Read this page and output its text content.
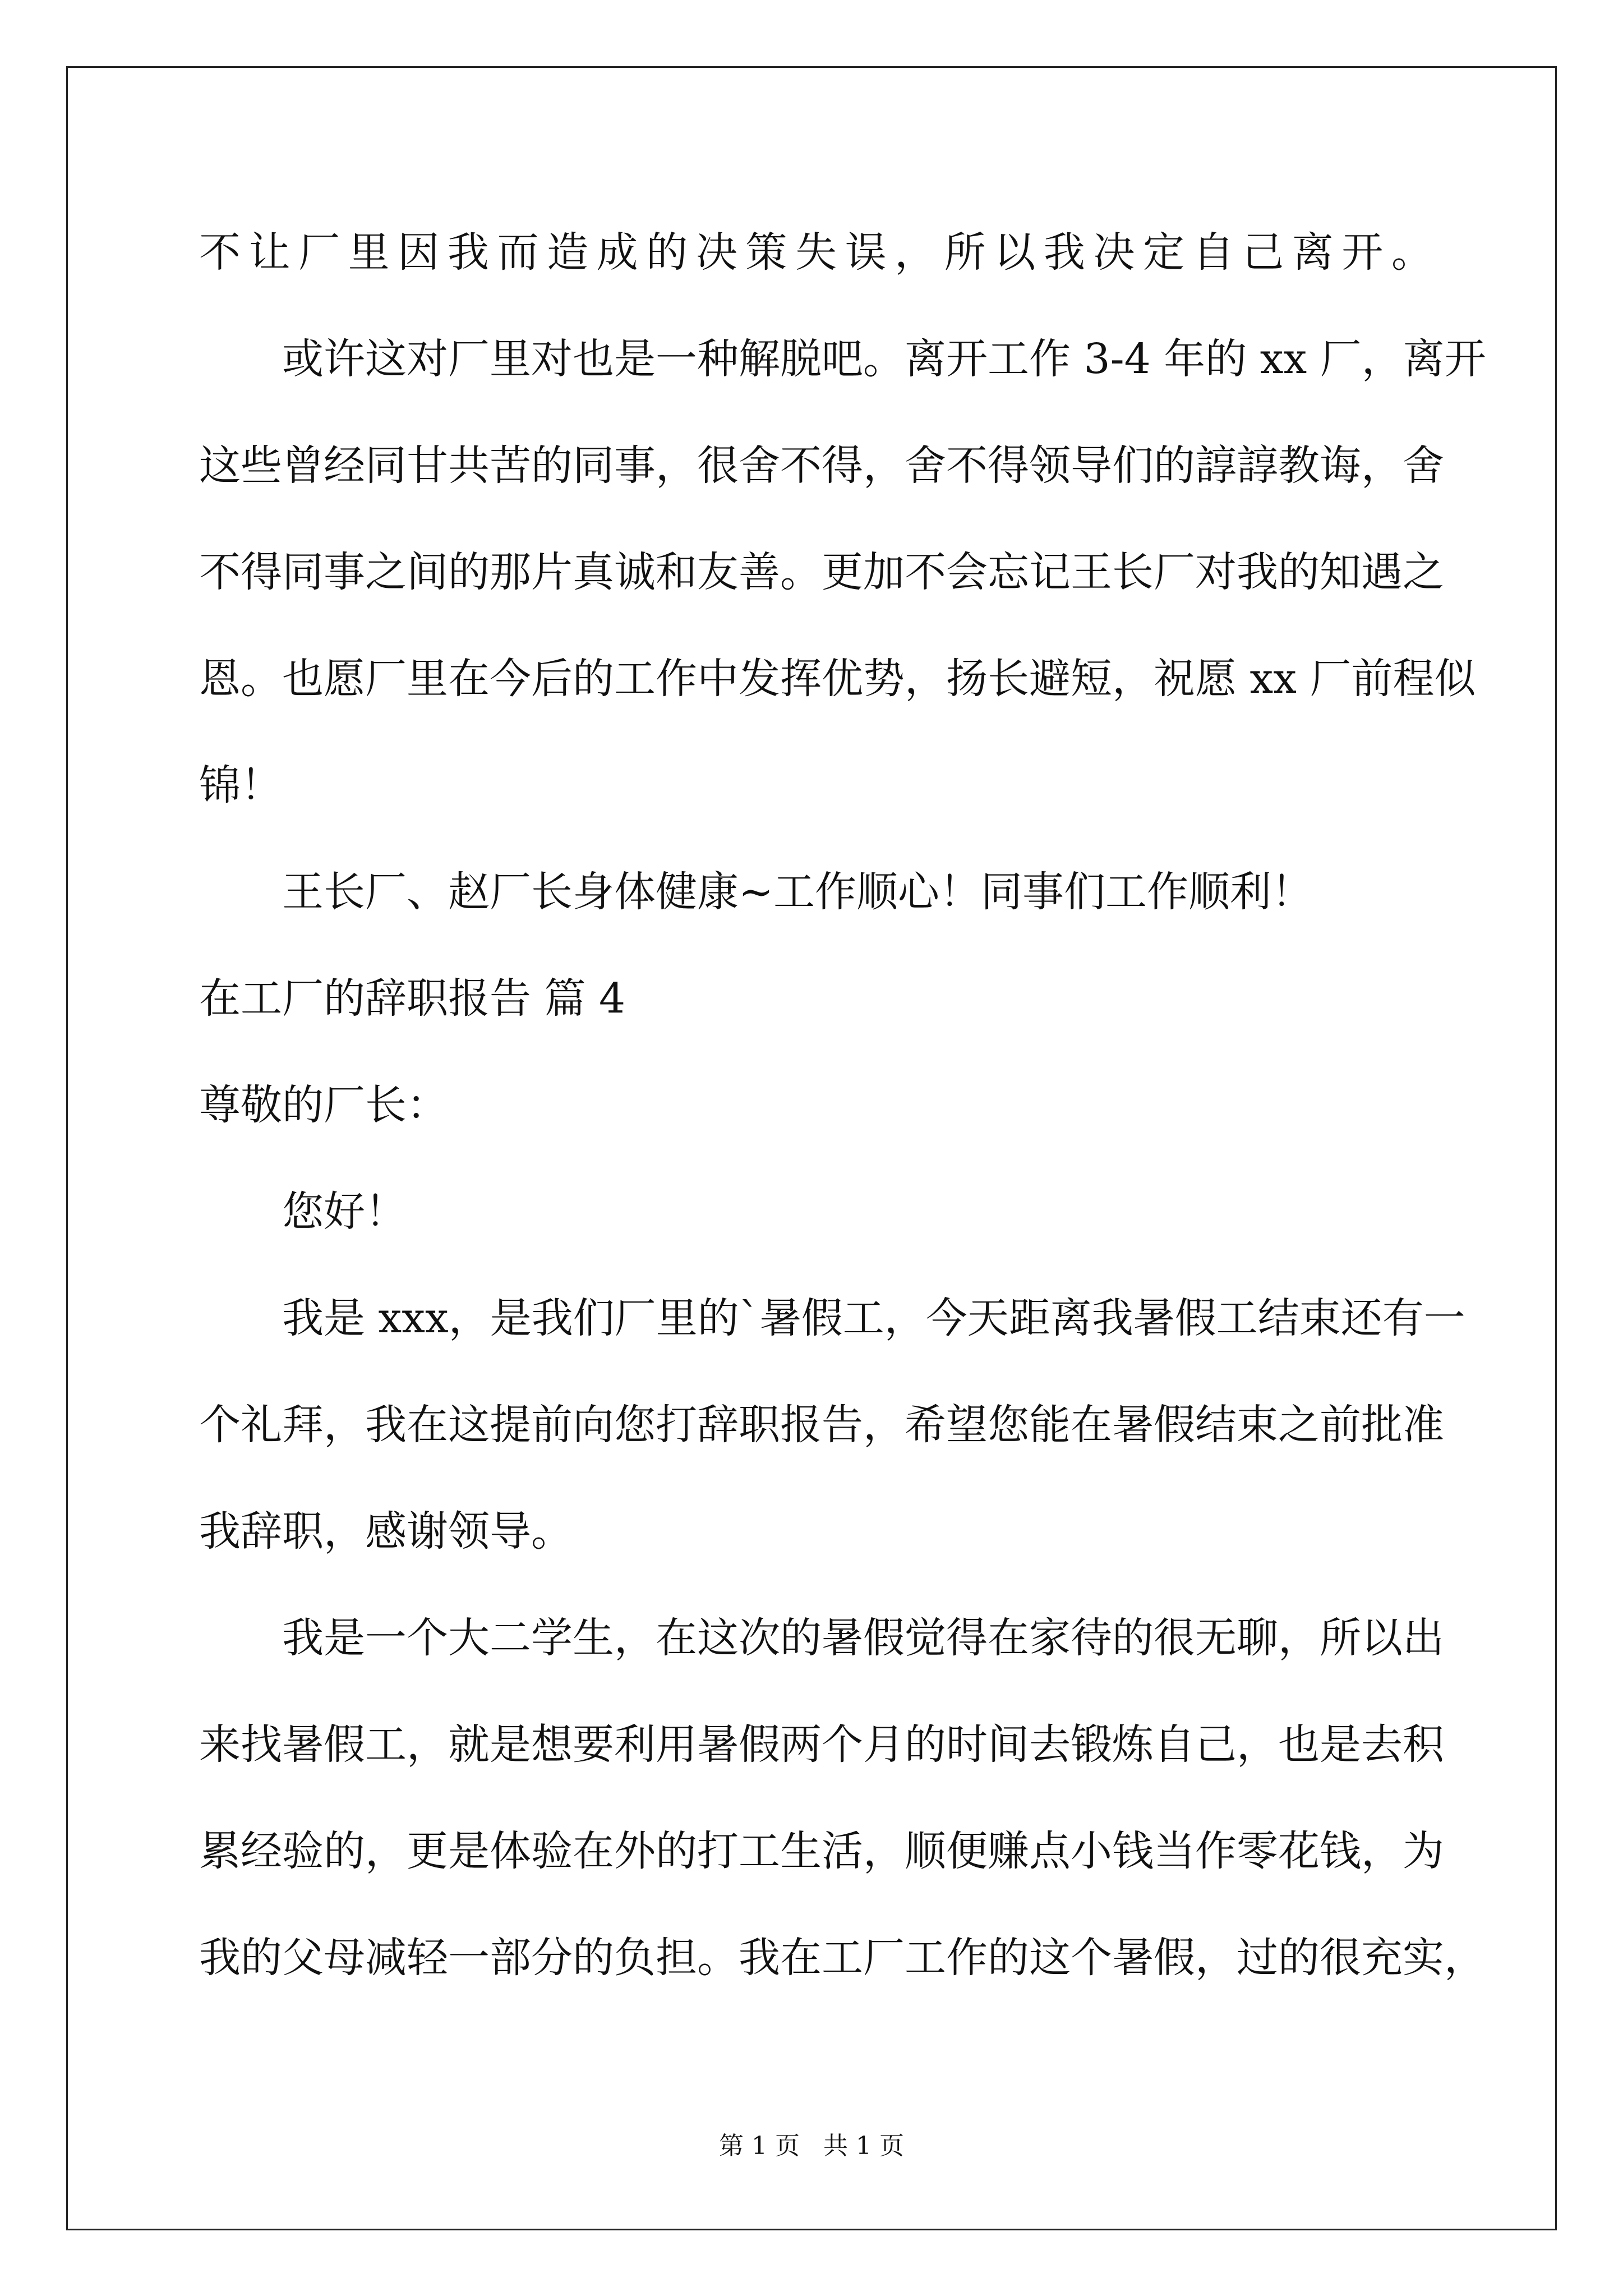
不让厂里因我而造成的决策失误，所以我决定自己离开。
或许这对厂里对也是一种解脱吧。离开工作 3-4 年的 xx 厂，离开
这些曾经同甘共苦的同事，很舍不得，舍不得领导们的諄諄教诲，舍
不得同事之间的那片真诚和友善。更加不会忘记王长厂对我的知遇之
恩。也愿厂里在今后的工作中发挥优势，扬长避短，祝愿 xx 厂前程似
锦！
王长厂、赵厂长身体健康~工作顺心！同事们工作顺利！
在工厂的辞职报告 篇 4
尊敬的厂长：
您好！
我是 xxx，是我们厂里的`暑假工，今天距离我暑假工结束还有一
个礼拜，我在这提前向您打辞职报告，希望您能在暑假结束之前批准
我辞职，感谢领导。
我是一个大二学生，在这次的暑假觉得在家待的很无聊，所以出
来找暑假工，就是想要利用暑假两个月的时间去锻炼自己，也是去积
累经验的，更是体验在外的打工生活，顺便赚点小钱当作零花钱，为
我的父母减轻一部分的负担。我在工厂工作的这个暑假，过的很充实，
第 1 页   共 1 页
